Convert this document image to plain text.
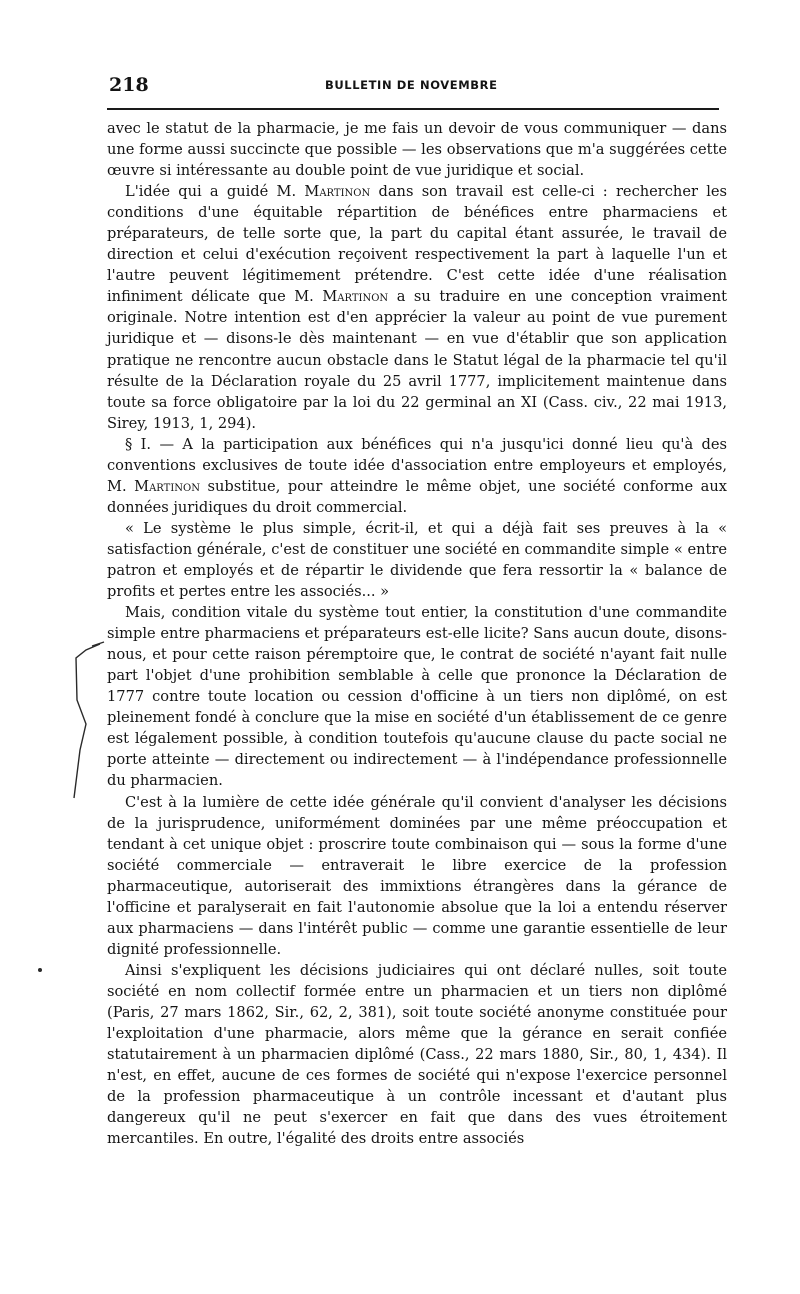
218	BULLETIN DE NOVEMBRE

avec le statut de la pharmacie, je me fais un devoir de vous communiquer — dans une forme aussi succincte que possible — les observations que m'a suggérées cette œuvre si intéressante au double point de vue juridique et social.

L'idée qui a guidé M. Martinon dans son travail est celle-ci : rechercher les conditions d'une équitable répartition de bénéfices entre pharmaciens et préparateurs, de telle sorte que, la part du capital étant assurée, le travail de direction et celui d'exécution reçoivent respectivement la part à laquelle l'un et l'autre peuvent légitimement prétendre. C'est cette idée d'une réalisation infiniment délicate que M. Martinon a su traduire en une conception vraiment originale. Notre intention est d'en apprécier la valeur au point de vue purement juridique et — disons-le dès maintenant — en vue d'établir que son application pratique ne rencontre aucun obstacle dans le Statut légal de la pharmacie tel qu'il résulte de la Déclaration royale du 25 avril 1777, implicitement maintenue dans toute sa force obligatoire par la loi du 22 germinal an XI (Cass. civ., 22 mai 1913, Sirey, 1913, 1, 294).

§ I. — A la participation aux bénéfices qui n'a jusqu'ici donné lieu qu'à des conventions exclusives de toute idée d'association entre employeurs et employés, M. Martinon substitue, pour atteindre le même objet, une société conforme aux données juridiques du droit commercial.

« Le système le plus simple, écrit-il, et qui a déjà fait ses preuves à la « satisfaction générale, c'est de constituer une société en commandite simple « entre patron et employés et de répartir le dividende que fera ressortir la « balance de profits et pertes entre les associés... »

Mais, condition vitale du système tout entier, la constitution d'une commandite simple entre pharmaciens et préparateurs est-elle licite? Sans aucun doute, disons-nous, et pour cette raison péremptoire que, le contrat de société n'ayant fait nulle part l'objet d'une prohibition semblable à celle que prononce la Déclaration de 1777 contre toute location ou cession d'officine à un tiers non diplômé, on est pleinement fondé à conclure que la mise en société d'un établissement de ce genre est légalement possible, à condition toutefois qu'aucune clause du pacte social ne porte atteinte — directement ou indirectement — à l'indépendance professionnelle du pharmacien.

C'est à la lumière de cette idée générale qu'il convient d'analyser les décisions de la jurisprudence, uniformément dominées par une même préoccupation et tendant à cet unique objet : proscrire toute combinaison qui — sous la forme d'une société commerciale — entraverait le libre exercice de la profession pharmaceutique, autoriserait des immixtions étrangères dans la gérance de l'officine et paralyserait en fait l'autonomie absolue que la loi a entendu réserver aux pharmaciens — dans l'intérêt public — comme une garantie essentielle de leur dignité professionnelle.

Ainsi s'expliquent les décisions judiciaires qui ont déclaré nulles, soit toute société en nom collectif formée entre un pharmacien et un tiers non diplômé (Paris, 27 mars 1862, Sir., 62, 2, 381), soit toute société anonyme constituée pour l'exploitation d'une pharmacie, alors même que la gérance en serait confiée statutairement à un pharmacien diplômé (Cass., 22 mars 1880, Sir., 80, 1, 434). Il n'est, en effet, aucune de ces formes de société qui n'expose l'exercice personnel de la profession pharmaceutique à un contrôle incessant et d'autant plus dangereux qu'il ne peut s'exercer en fait que dans des vues étroitement mercantiles. En outre, l'égalité des droits entre associés
